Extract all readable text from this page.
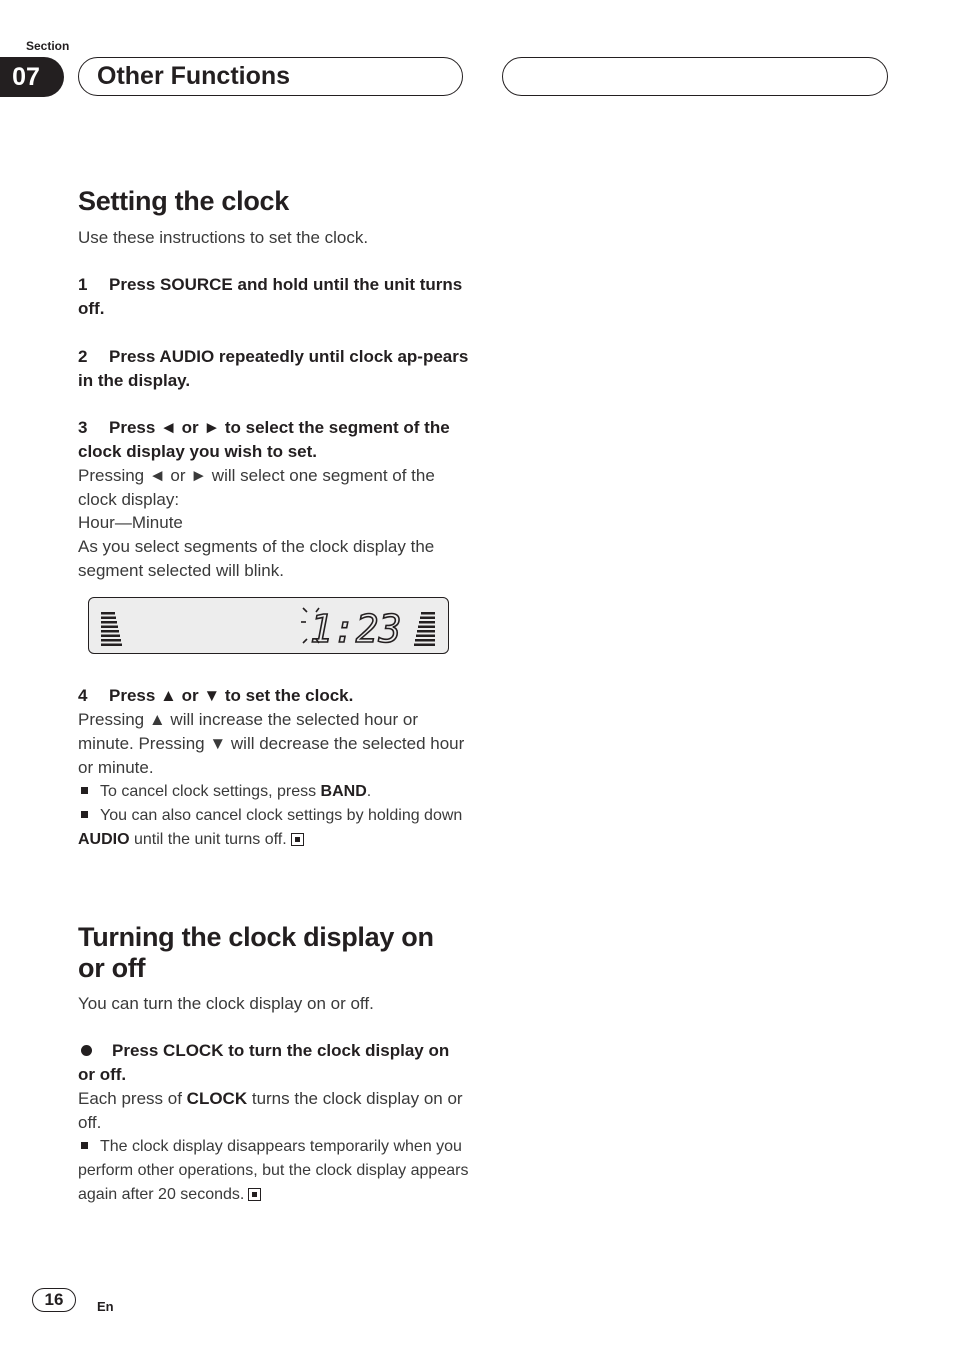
Section
07	Other Functions
Setting the clock

Use these instructions to set the clock.

1 Press SOURCE and hold until the unit turns off.

2 Press AUDIO repeatedly until clock ap-pears in the display.

3 Press ◄ or ► to select the segment of the clock display you wish to set.

Pressing ◄ or ► will select one segment of the clock display:

Hour—Minute

As you select segments of the clock display the segment selected will blink.

1:23

4 Press ▲ or ▼ to set the clock.

Pressing ▲ will increase the selected hour or minute. Pressing ▼ will decrease the selected hour or minute.

To cancel clock settings, press BAND.

You can also cancel clock settings by holding down AUDIO until the unit turns off.

Turning the clock display on or off

You can turn the clock display on or off.

Press CLOCK to turn the clock display on or off.

Each press of CLOCK turns the clock display on or off.

The clock display disappears temporarily when you perform other operations, but the clock display appears again after 20 seconds.

16	En
